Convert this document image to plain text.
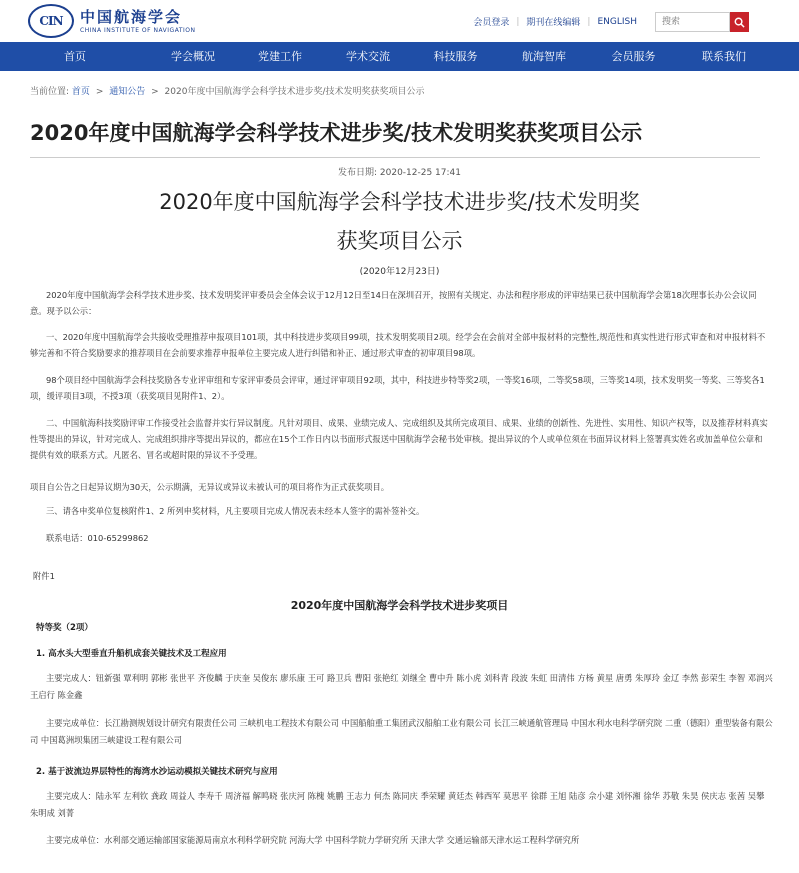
CIN	中国航海学会
CHINA INSTITUTE OF NAVIGATION
会员登录 | 期刊在线编辑 | ENGLISH
搜索
首页	学会概况	党建工作	学术交流	科技服务	航海智库	会员服务	联系我们
当前位置: 首页 > 通知公告 > 2020年度中国航海学会科学技术进步奖/技术发明奖获奖项目公示
2020年度中国航海学会科学技术进步奖/技术发明奖获奖项目公示
发布日期: 2020-12-25 17:41
2020年度中国航海学会科学技术进步奖/技术发明奖
获奖项目公示
(2020年12月23日)
2020年度中国航海学会科学技术进步奖、技术发明奖评审委员会全体会议于12月12日至14日在深圳召开，按照有关规定、办法和程序形成的评审结果已获中国航海学会第18次理事长办公会议同意。现予以公示：
一、2020年度中国航海学会共接收受理推荐申报项目101项，其中科技进步奖项目99项，技术发明奖项目2项。经学会在会前对全部申报材料的完整性,规范性和真实性进行形式审查和对申报材料不够完善和不符合奖励要求的推荐项目在会前要求推荐申报单位主要完成人进行纠错和补正、通过形式审查的初审项目98项。
98个项目经中国航海学会科技奖励各专业评审组和专家评审委员会评审，通过评审项目92项，其中，科技进步特等奖2项，一等奖16项，二等奖58项，三等奖14项，技术发明奖一等奖、三等奖各1项，缓评项目3项，不授3项（获奖项目见附件1、2）。
二、中国航海科技奖励评审工作接受社会监督并实行异议制度。凡针对项目、成果、业绩完成人、完成组织及其所完成项目、成果、业绩的创新性、先进性、实用性、知识产权等，以及推荐材料真实性等提出的异议，针对完成人、完成组织排序等提出异议的，都应在15个工作日内以书面形式报送中国航海学会秘书处审核。提出异议的个人或单位须在书面异议材料上签署真实姓名或加盖单位公章和提供有效的联系方式。凡匿名、冒名或超时限的异议不予受理。
项目自公告之日起异议期为30天，公示期满，无异议或异议未被认可的项目将作为正式获奖项目。
三、请各申奖单位复核附件1、2 所列申奖材料，凡主要项目完成人情况表未经本人签字的需补签补交。
联系电话：010-65299862
附件1
2020年度中国航海学会科学技术进步奖项目
特等奖（2项）
1. 高水头大型垂直升船机成套关键技术及工程应用
主要完成人：钮新强 覃利明 郭彬 张世平 齐俊麟 于庆奎 吴俊东 廖乐康 王可 路卫兵 曹阳 张艳红 刘继全 曹中升 陈小虎 刘科青 段波 朱虹 田清伟 方杨 黄星 唐勇 朱厚玲 金辽 李然 彭荣生 李智 邓润兴 王启行 陈金鑫
主要完成单位：长江勘测规划设计研究有限责任公司 三峡机电工程技术有限公司 中国船舶重工集团武汉船舶工业有限公司 长江三峡通航管理局 中国水利水电科学研究院 二重（德阳）重型装备有限公司 中国葛洲坝集团三峡建设工程有限公司
2. 基于波流边界层特性的海湾水沙运动模拟关键技术研究与应用
主要完成人：陆永军 左利钦 龚政 周益人 李寿千 周济福 解鸣晓 张庆河 陈槐 姚鹏 王志力 何杰 陈同庆 季荣耀 黄廷杰 韩西军 莫思平 徐群 王旭 陆彦 佘小建 刘怀湘 徐华 苏敬 朱昊 侯庆志 张茜 吴攀 朱明成 刘菁
主要完成单位：水利部交通运输部国家能源局南京水利科学研究院 河海大学 中国科学院力学研究所 天津大学 交通运输部天津水运工程科学研究所
